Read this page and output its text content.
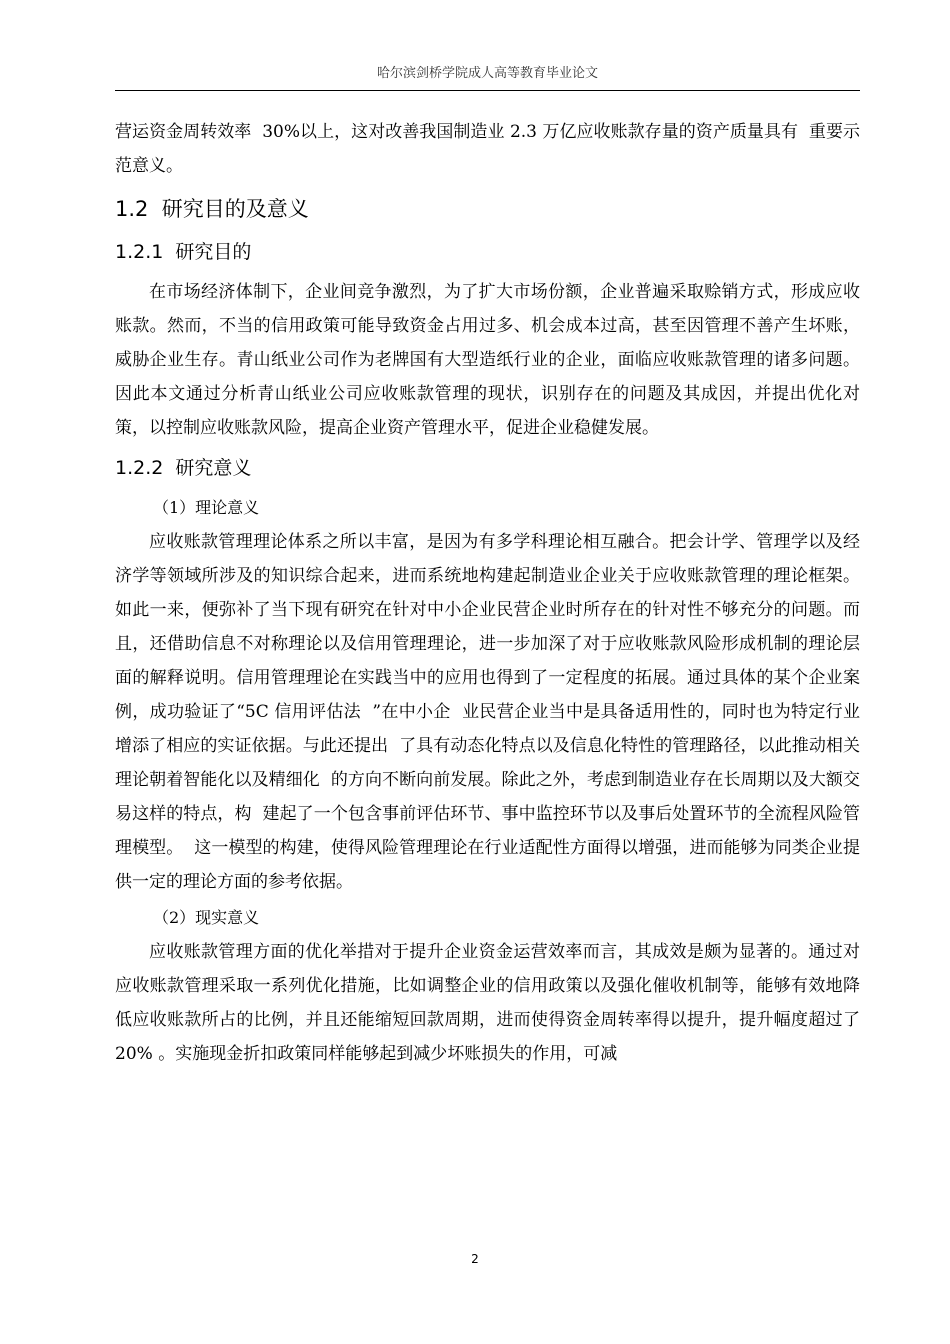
哈尔滨剑桥学院成人高等教育毕业论文

营运资金周转效率  30%以上，这对改善我国制造业 2.3 万亿应收账款存量的资产质量具有  重要示范意义。

1.2  研究目的及意义
1.2.1  研究目的

在市场经济体制下，企业间竞争激烈，为了扩大市场份额，企业普遍采取赊销方式，形成应收账款。然而，不当的信用政策可能导致资金占用过多、机会成本过高，甚至因管理不善产生坏账，威胁企业生存。青山纸业公司作为老牌国有大型造纸行业的企业，面临应收账款管理的诸多问题。因此本文通过分析青山纸业公司应收账款管理的现状，识别存在的问题及其成因，并提出优化对策，以控制应收账款风险，提高企业资产管理水平，促进企业稳健发展。

1.2.2  研究意义
（1）理论意义

应收账款管理理论体系之所以丰富，是因为有多学科理论相互融合。把会计学、管理学以及经济学等领域所涉及的知识综合起来，进而系统地构建起制造业企业关于应收账款管理的理论框架。如此一来，便弥补了当下现有研究在针对中小企业民营企业时所存在的针对性不够充分的问题。而且，还借助信息不对称理论以及信用管理理论，进一步加深了对于应收账款风险形成机制的理论层面的解释说明。信用管理理论在实践当中的应用也得到了一定程度的拓展。通过具体的某个企业案例，成功验证了“5C 信用评估法  ”在中小企  业民营企业当中是具备适用性的，同时也为特定行业增添了相应的实证依据。与此还提出  了具有动态化特点以及信息化特性的管理路径，以此推动相关理论朝着智能化以及精细化  的方向不断向前发展。除此之外，考虑到制造业存在长周期以及大额交易这样的特点，构  建起了一个包含事前评估环节、事中监控环节以及事后处置环节的全流程风险管理模型。  这一模型的构建，使得风险管理理论在行业适配性方面得以增强，进而能够为同类企业提  供一定的理论方面的参考依据。

（2）现实意义

应收账款管理方面的优化举措对于提升企业资金运营效率而言，其成效是颇为显著的。通过对应收账款管理采取一系列优化措施，比如调整企业的信用政策以及强化催收机制等，能够有效地降低应收账款所占的比例，并且还能缩短回款周期，进而使得资金周转率得以提升，提升幅度超过了 20% 。实施现金折扣政策同样能够起到减少坏账损失的作用，可减

2
